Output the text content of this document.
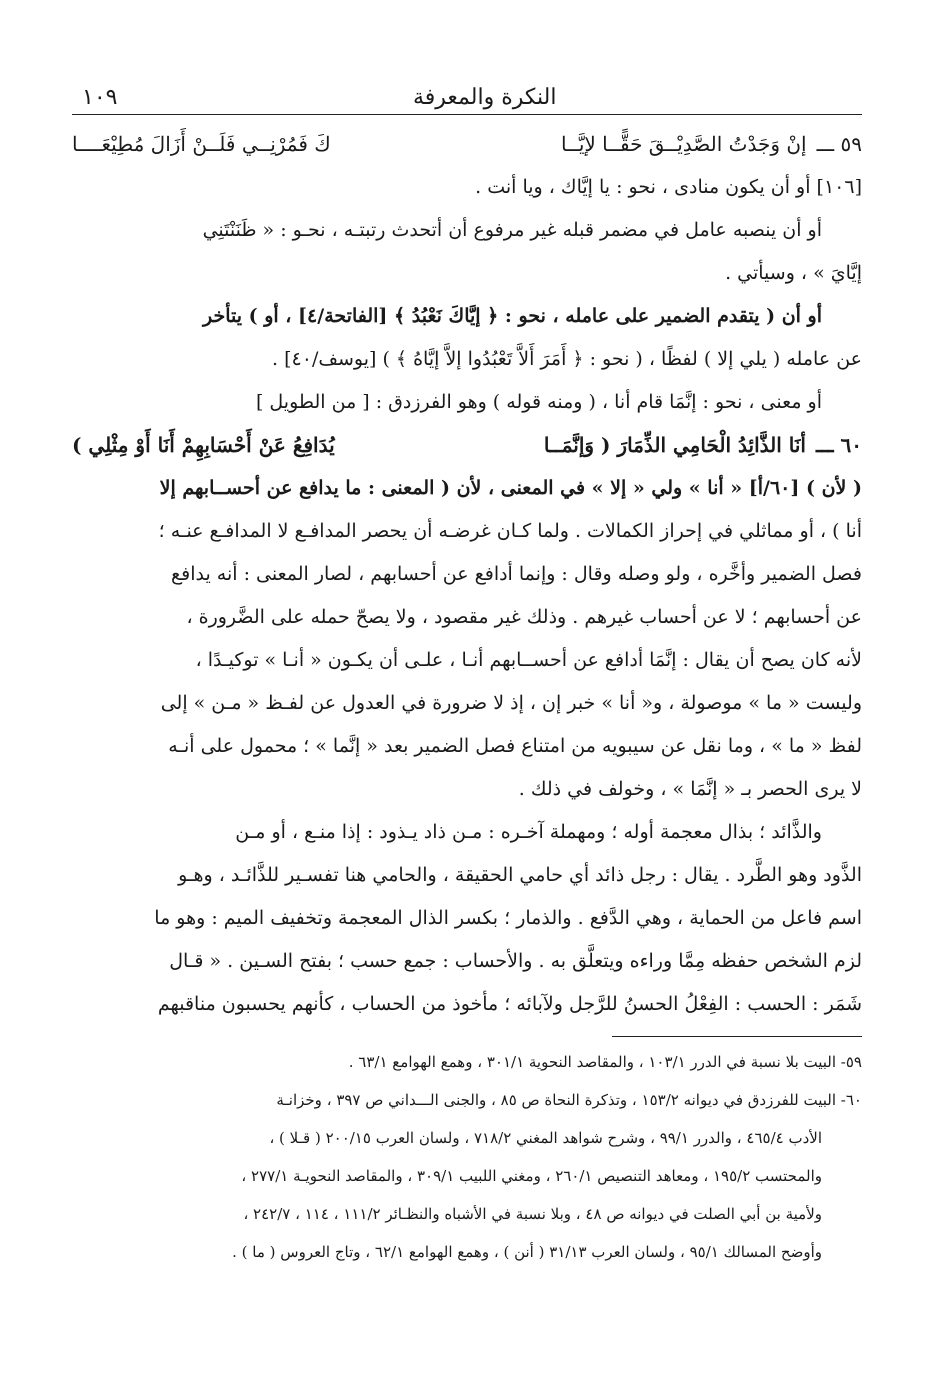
النكرة والمعرفة
١٠٩
٥٩ ـــ
إنْ وَجَدْتُ الصَّدِيْــقَ حَقًّــا لإيَّــا
كَ فَمُرْنِــي فَلَــنْ أَزَالَ مُطِيْعَــــا
[١٠٦] أو أن يكون منادى ، نحو : يا إيَّاك ، ويا أنت .
أو أن ينصبه عامل في مضمر قبله غير مرفوع أن أتحدث رتبتـه ، نحـو : « ظَنَنْتَنِي
إيَّايَ » ، وسيأتي .
أو أن ( يتقدم الضمير على عامله ، نحو : ﴿ إيَّاكَ نَعْبُدُ ﴾ [الفاتحة/٤] ، أو ) يتأخر
عن عامله ( يلي إلا ) لفظًا ، ( نحو : ﴿ أَمَرَ أَلاَّ تَعْبُدُوا إلاَّ إيَّاهُ ﴾ ) [يوسف/٤٠] .
أو معنى ، نحو : إنَّمَا قام أنا ، ( ومنه قوله ) وهو الفرزدق : [ من الطويل ]
٦٠ ـــ
أنَا الذَّائِدُ الْحَامِي الذِّمَارَ ( وَإنَّمَــا
يُدَافِعُ عَنْ أَحْسَابِهِمْ أَنَا أَوْ مِثْلِي )
( لأن ) [٦٠/أ] « أنا » ولي « إلا » في المعنى ، لأن ( المعنى : ما يدافع عن أحســابهم إلا
أنا ) ، أو مماثلي في إحراز الكمالات . ولما كـان غرضـه أن يحصر المدافـع لا المدافـع عنـه ؛
فصل الضمير وأخَّره ، ولو وصله وقال : وإنما أدافع عن أحسابهم ، لصار المعنى : أنه يدافع
عن أحسابهم ؛ لا عن أحساب غيرهم . وذلك غير مقصود ، ولا يصحّ حمله على الضَّرورة ،
لأنه كان يصح أن يقال : إنَّمَا أدافع عن أحســابهم أنـا ، علـى أن يكـون « أنـا » توكيـدًا ،
وليست « ما » موصولة ، و« أنا » خبر إن ، إذ لا ضرورة في العدول عن لفـظ « مـن » إلى
لفظ « ما » ، وما نقل عن سيبويه من امتناع فصل الضمير بعد « إنَّما » ؛ محمول على أنـه
لا يرى الحصر بـ « إنَّمَا » ، وخولف في ذلك .
والذَّائد ؛ بذال معجمة أوله ؛ ومهملة آخـره : مـن ذاد يـذود : إذا منـع ، أو مـن
الذَّود وهو الطَّرد . يقال : رجل ذائد أي حامي الحقيقة ، والحامي هنا تفسـير للذَّائـد ، وهـو
اسم فاعل من الحماية ، وهي الدَّفع . والذمار ؛ بكسر الذال المعجمة وتخفيف الميم : وهو ما
لزم الشخص حفظه مِمَّا وراءه ويتعلَّق به . والأحساب : جمع حسب ؛ بفتح السـين . « قـال
شَمَر : الحسب : الفِعْلُ الحسنُ للرَّجل ولآبائه ؛ مأخوذ من الحساب ، كأنهم يحسبون مناقبهم
٥٩- البيت بلا نسبة في الدرر ١٠٣/١ ، والمقاصد النحوية ٣٠١/١ ، وهمع الهوامع ٦٣/١ .
٦٠- البيت للفرزدق في ديوانه ١٥٣/٢ ، وتذكرة النحاة ص ٨٥ ، والجنى الـــداني ص ٣٩٧ ، وخزانـة
الأدب ٤٦٥/٤ ، والدرر ٩٩/١ ، وشرح شواهد المغني ٧١٨/٢ ، ولسان العرب ٢٠٠/١٥ ( قـلا ) ،
والمحتسب ١٩٥/٢ ، ومعاهد التنصيص ٢٦٠/١ ، ومغني اللبيب ٣٠٩/١ ، والمقاصد النحويـة ٢٧٧/١ ،
ولأمية بن أبي الصلت في ديوانه ص ٤٨ ، وبلا نسبة في الأشباه والنظـائر ١١١/٢ ، ١١٤ ، ٢٤٢/٧ ،
وأوضح المسالك ٩٥/١ ، ولسان العرب ٣١/١٣ ( أنن ) ، وهمع الهوامع ٦٢/١ ، وتاج العروس ( ما ) .
